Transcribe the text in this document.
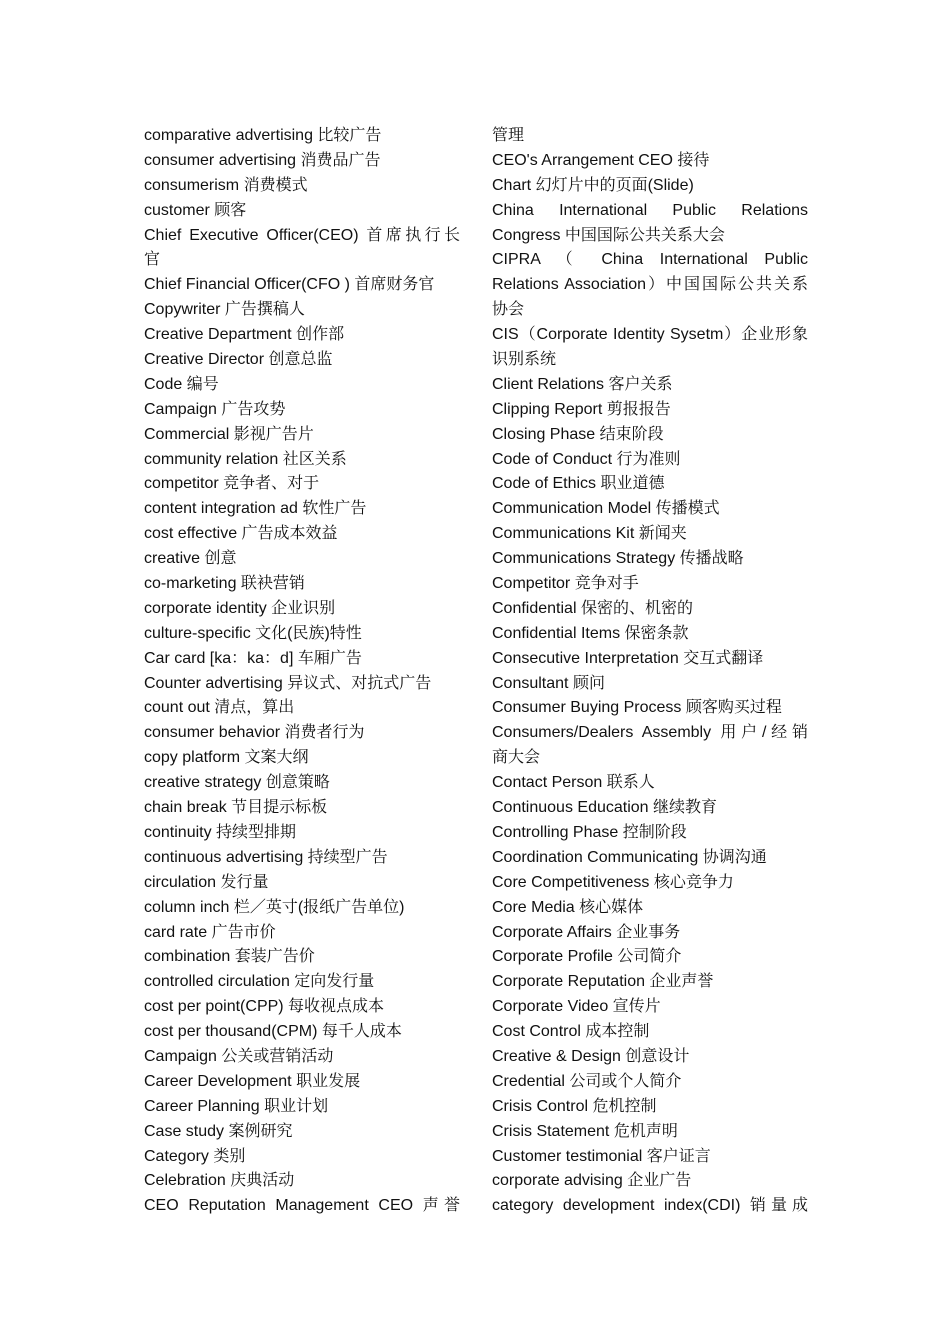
comparative advertising 比较广告
consumer advertising 消费品广告
consumerism 消费模式
customer 顾客
Chief Executive Officer(CEO) 首席执行长
官
Chief Financial Officer(CFO ) 首席财务官
Copywriter 广告撰稿人
Creative Department 创作部
Creative Director 创意总监
Code 编号
Campaign 广告攻势
Commercial 影视广告片
community relation 社区关系
competitor 竞争者、对于
content integration ad 软性广告
cost effective 广告成本效益
creative 创意
co-marketing 联袂营销
corporate identity 企业识别
culture-specific 文化(民族)特性
Car card [ka：ka：d] 车厢广告
Counter advertising 异议式、对抗式广告
count out 清点，算出
consumer behavior 消费者行为
copy platform 文案大纲
creative strategy 创意策略
chain break 节目提示标板
continuity 持续型排期
continuous advertising 持续型广告
circulation 发行量
column inch 栏／英寸(报纸广告单位)
card rate 广告市价
combination 套装广告价
controlled circulation 定向发行量
cost per point(CPP) 每收视点成本
cost per thousand(CPM) 每千人成本
Campaign 公关或营销活动
Career Development 职业发展
Career Planning 职业计划
Case study 案例研究
Category 类别
Celebration 庆典活动
CEO Reputation Management CEO 声誉
管理
CEO's Arrangement CEO 接待
Chart 幻灯片中的页面(Slide)
China International Public Relations
Congress 中国国际公共关系大会
CIPRA （ China International Public
Relations Association）中国国际公共关系
协会
CIS（Corporate Identity Sysetm）企业形象
识别系统
Client Relations 客户关系
Clipping Report 剪报报告
Closing Phase 结束阶段
Code of Conduct 行为准则
Code of Ethics 职业道德
Communication Model 传播模式
Communications Kit 新闻夹
Communications Strategy 传播战略
Competitor 竞争对手
Confidential 保密的、机密的
Confidential Items 保密条款
Consecutive Interpretation 交互式翻译
Consultant 顾问
Consumer Buying Process 顾客购买过程
Consumers/Dealers Assembly 用户/经销
商大会
Contact Person 联系人
Continuous Education 继续教育
Controlling Phase 控制阶段
Coordination Communicating 协调沟通
Core Competitiveness 核心竞争力
Core Media 核心媒体
Corporate Affairs 企业事务
Corporate Profile 公司简介
Corporate Reputation 企业声誉
Corporate Video 宣传片
Cost Control 成本控制
Creative & Design 创意设计
Credential 公司或个人简介
Crisis Control 危机控制
Crisis Statement 危机声明
Customer testimonial 客户证言
corporate advising 企业广告
category development index(CDI) 销量成
